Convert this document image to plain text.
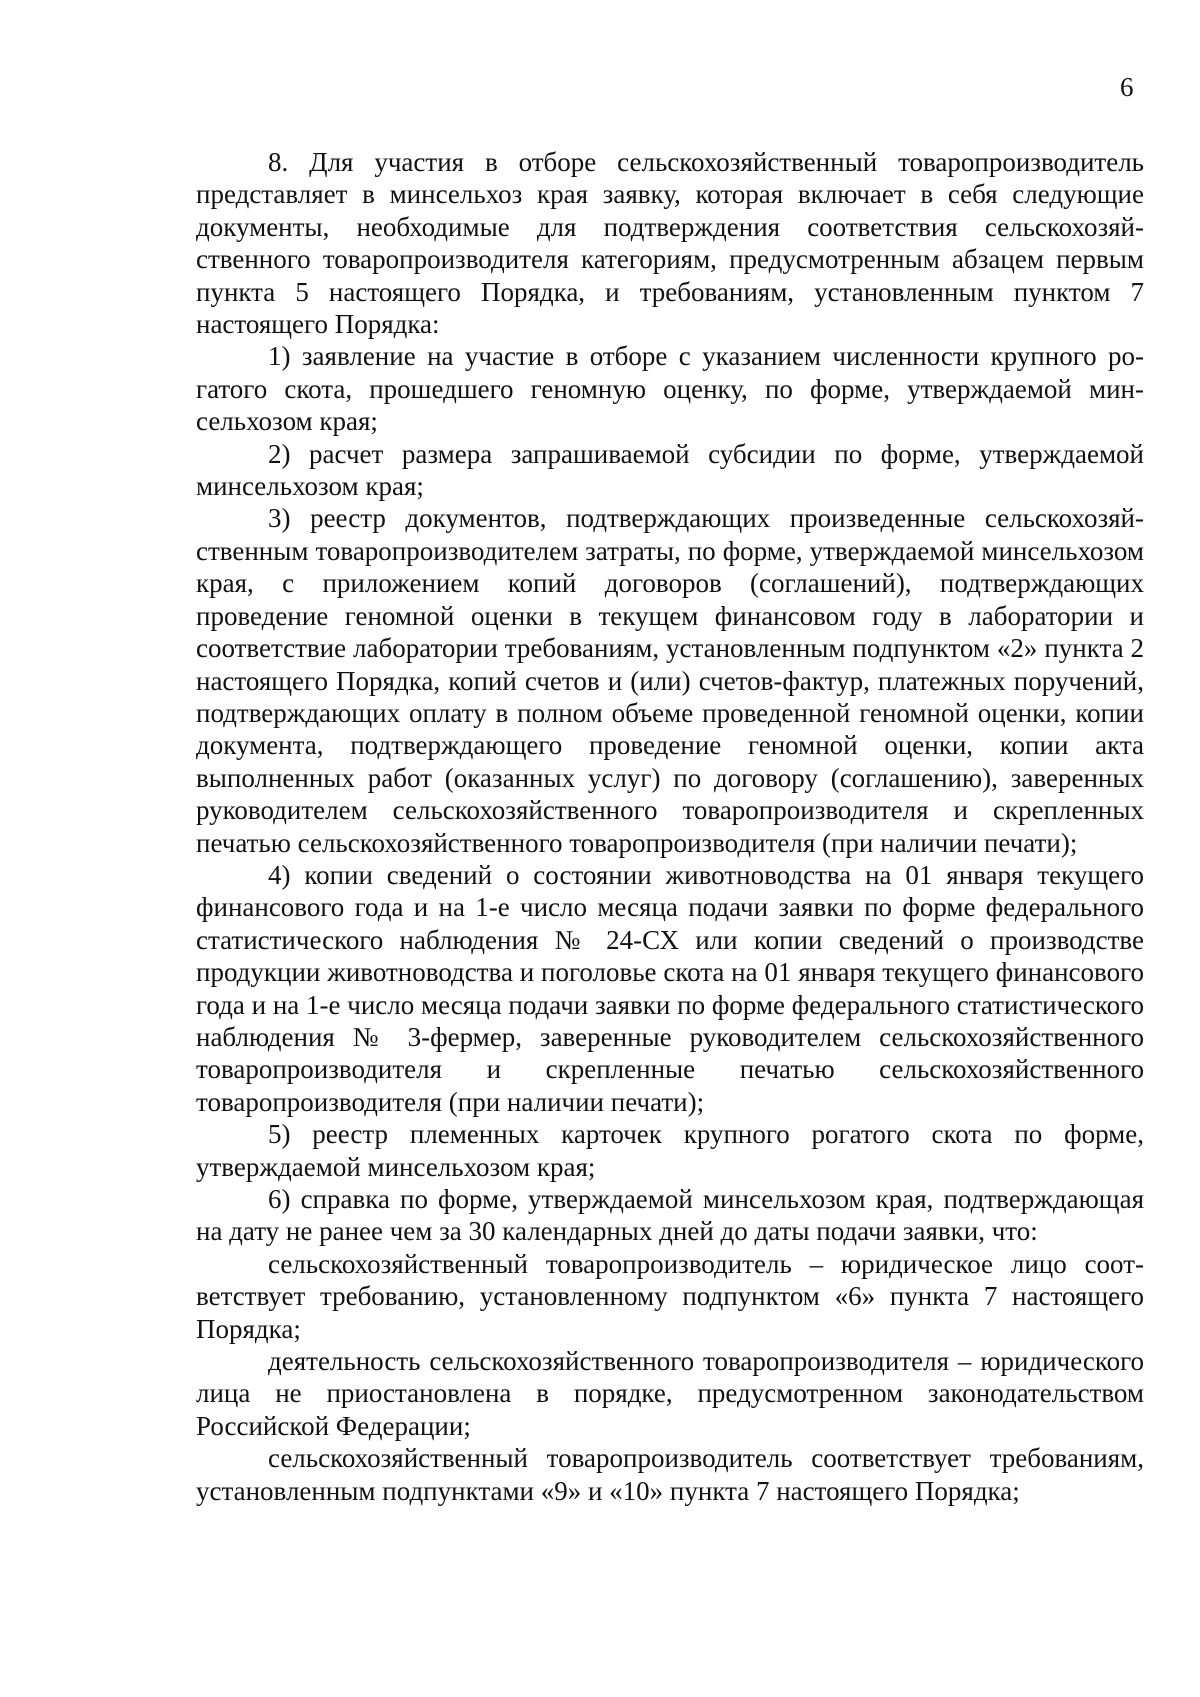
6

8. Для участия в отборе сельскохозяйственный товаропроизводитель представляет в минсельхоз края заявку, которая включает в себя следующие документы, необходимые для подтверждения соответствия сельскохозяйственного товаропроизводителя категориям, предусмотренным абзацем первым пункта 5 настоящего Порядка, и требованиям, установленным пунктом 7 настоящего Порядка:

1) заявление на участие в отборе с указанием численности крупного рогатого скота, прошедшего геномную оценку, по форме, утверждаемой минсельхозом края;

2) расчет размера запрашиваемой субсидии по форме, утверждаемой минсельхозом края;

3) реестр документов, подтверждающих произведенные сельскохозяйственным товаропроизводителем затраты, по форме, утверждаемой минсельхозом края, с приложением копий договоров (соглашений), подтверждающих проведение геномной оценки в текущем финансовом году в лаборатории и соответствие лаборатории требованиям, установленным подпунктом «2» пункта 2 настоящего Порядка, копий счетов и (или) счетов-фактур, платежных поручений, подтверждающих оплату в полном объеме проведенной геномной оценки, копии документа, подтверждающего проведение геномной оценки, копии акта выполненных работ (оказанных услуг) по договору (соглашению), заверенных руководителем сельскохозяйственного товаропроизводителя и скрепленных печатью сельскохозяйственного товаропроизводителя (при наличии печати);

4) копии сведений о состоянии животноводства на 01 января текущего финансового года и на 1-е число месяца подачи заявки по форме федерального статистического наблюдения № 24-СХ или копии сведений о производстве продукции животноводства и поголовье скота на 01 января текущего финансового года и на 1-е число месяца подачи заявки по форме федерального статистического наблюдения № 3-фермер, заверенные руководителем сельскохозяйственного товаропроизводителя и скрепленные печатью сельскохозяйственного товаропроизводителя (при наличии печати);

5) реестр племенных карточек крупного рогатого скота по форме, утверждаемой минсельхозом края;

6) справка по форме, утверждаемой минсельхозом края, подтверждающая на дату не ранее чем за 30 календарных дней до даты подачи заявки, что:

сельскохозяйственный товаропроизводитель – юридическое лицо соответствует требованию, установленному подпунктом «6» пункта 7 настоящего Порядка;

деятельность сельскохозяйственного товаропроизводителя – юридического лица не приостановлена в порядке, предусмотренном законодательством Российской Федерации;

сельскохозяйственный товаропроизводитель соответствует требованиям, установленным подпунктами «9» и «10» пункта 7 настоящего Порядка;
